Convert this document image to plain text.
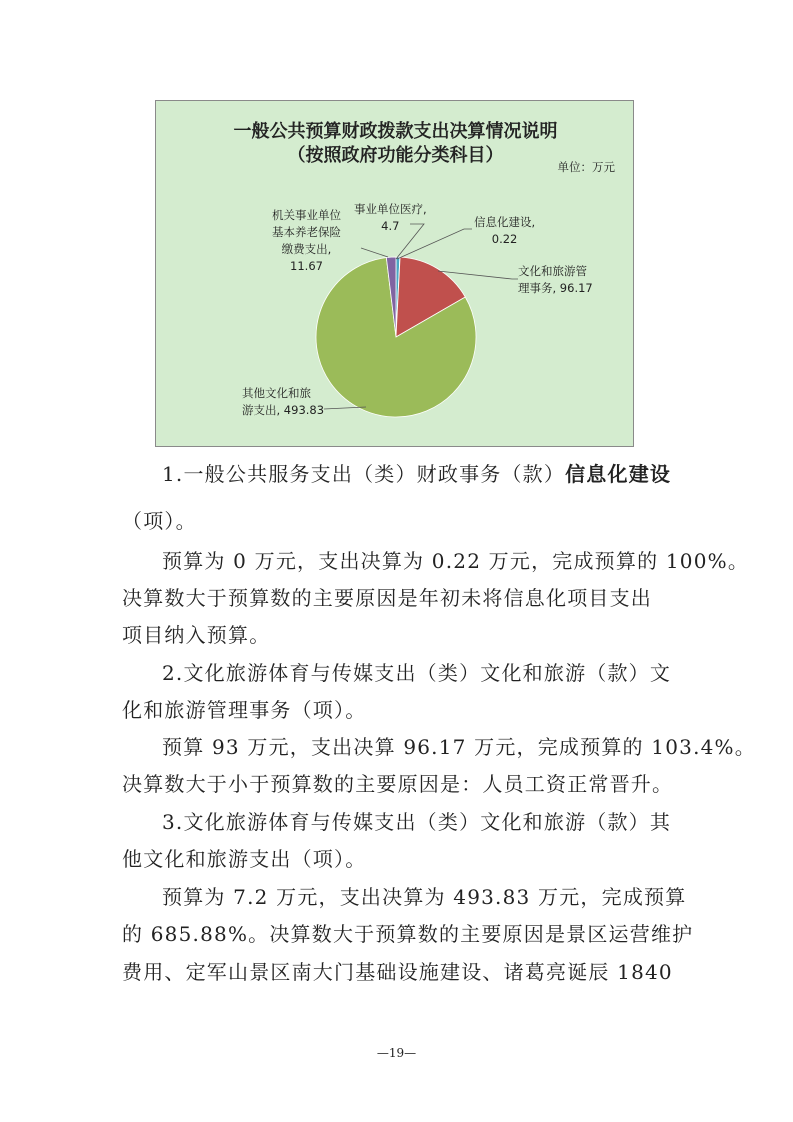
一般公共预算财政拨款支出决算情况说明
（按照政府功能分类科目）
单位：万元
事业单位医疗,
4.7	信息化建设,
0.22
文化和旅游管
理事务, 96.17
机关事业单位
基本养老保险
缴费支出,
11.67
其他文化和旅
游支出, 493.83
1.一般公共服务支出（类）财政事务（款）信息化建设
（项）。
预算为 0 万元，支出决算为 0.22 万元，完成预算的 100%。
决算数大于预算数的主要原因是年初未将信息化项目支出
项目纳入预算。
2.文化旅游体育与传媒支出（类）文化和旅游（款）文
化和旅游管理事务（项）。
预算 93 万元，支出决算 96.17 万元，完成预算的 103.4%。
决算数大于小于预算数的主要原因是：人员工资正常晋升。
3.文化旅游体育与传媒支出（类）文化和旅游（款）其
他文化和旅游支出（项）。
预算为 7.2 万元，支出决算为 493.83 万元，完成预算
的 685.88%。决算数大于预算数的主要原因是景区运营维护
费用、定军山景区南大门基础设施建设、诸葛亮诞辰 1840
—19—
